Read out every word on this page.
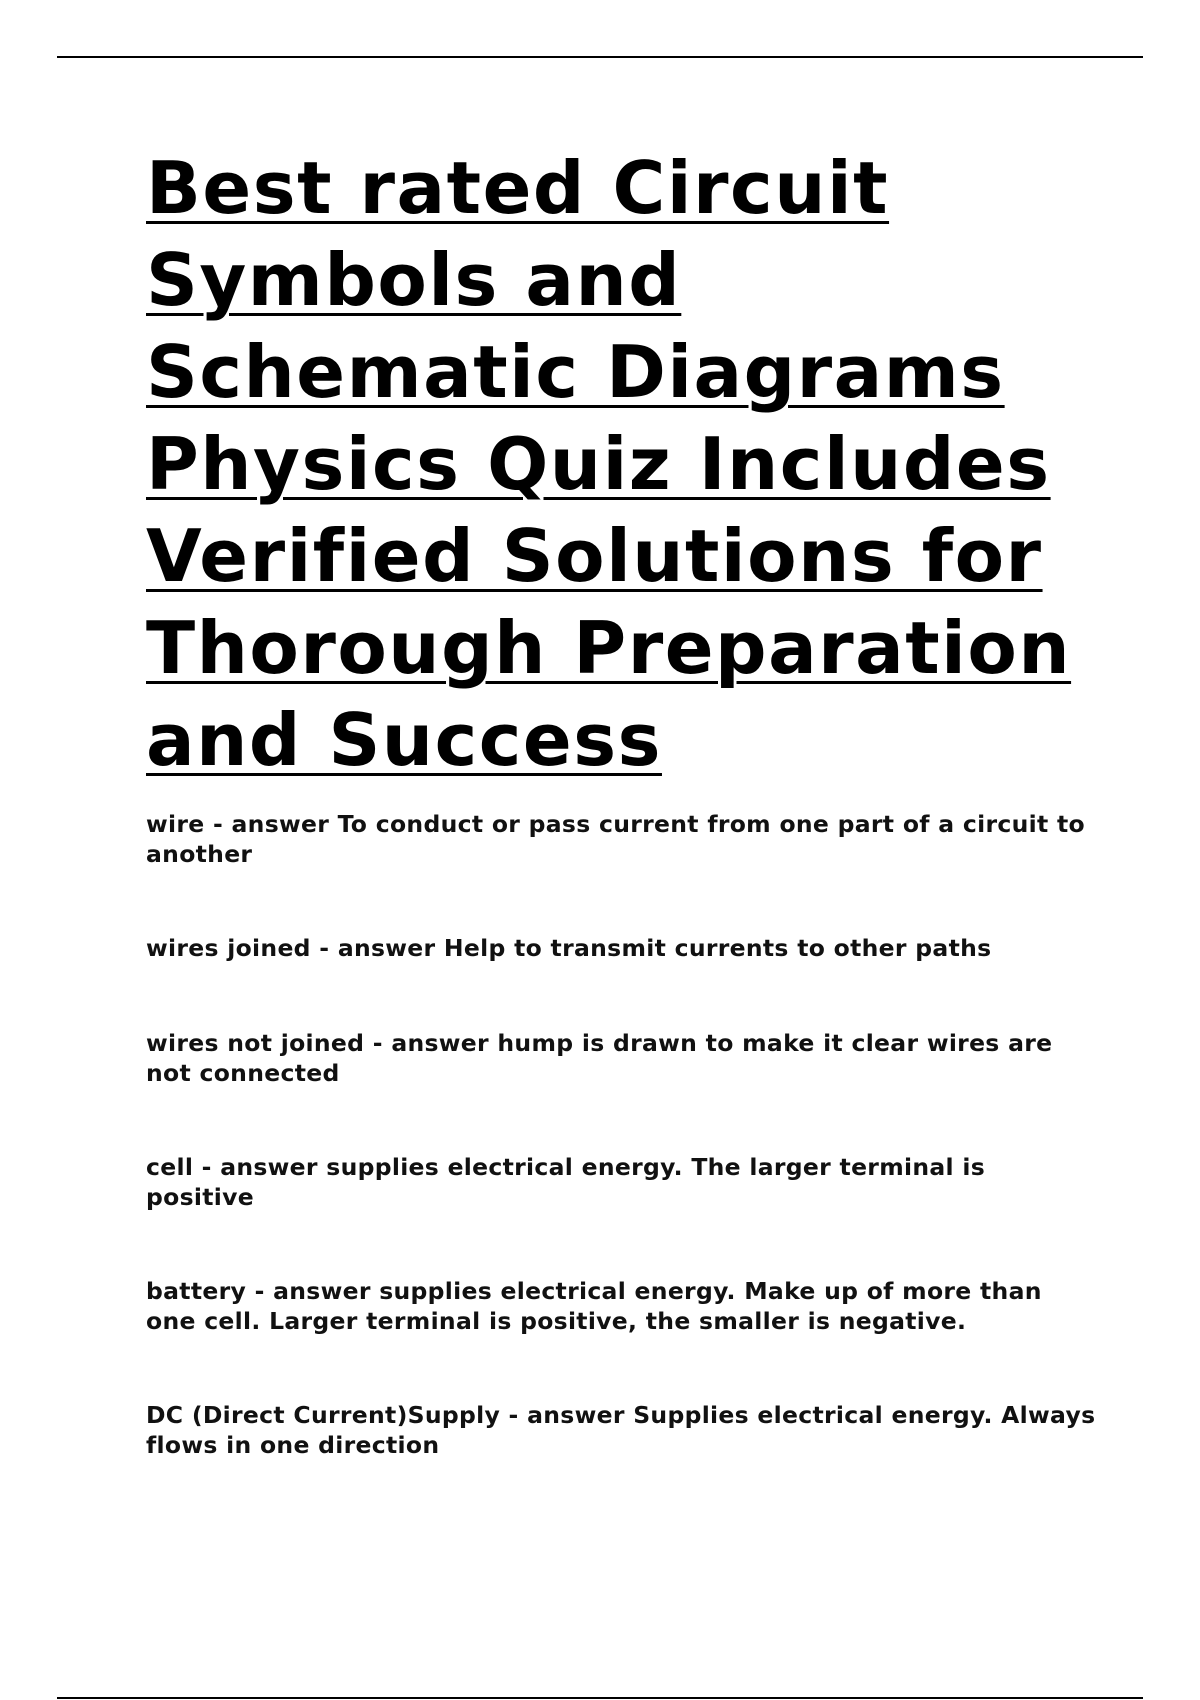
Best rated Circuit
Symbols and
Schematic Diagrams
Physics Quiz Includes
Verified Solutions for
Thorough Preparation
and Success
wire - answer To conduct or pass current from one part of a circuit to another
wires joined - answer Help to transmit currents to other paths
wires not joined - answer hump is drawn to make it clear wires are not connected
cell - answer supplies electrical energy. The larger terminal is positive
battery - answer supplies electrical energy. Make up of more than one cell. Larger terminal is positive, the smaller is negative.
DC (Direct Current)Supply - answer Supplies electrical energy. Always flows in one direction
